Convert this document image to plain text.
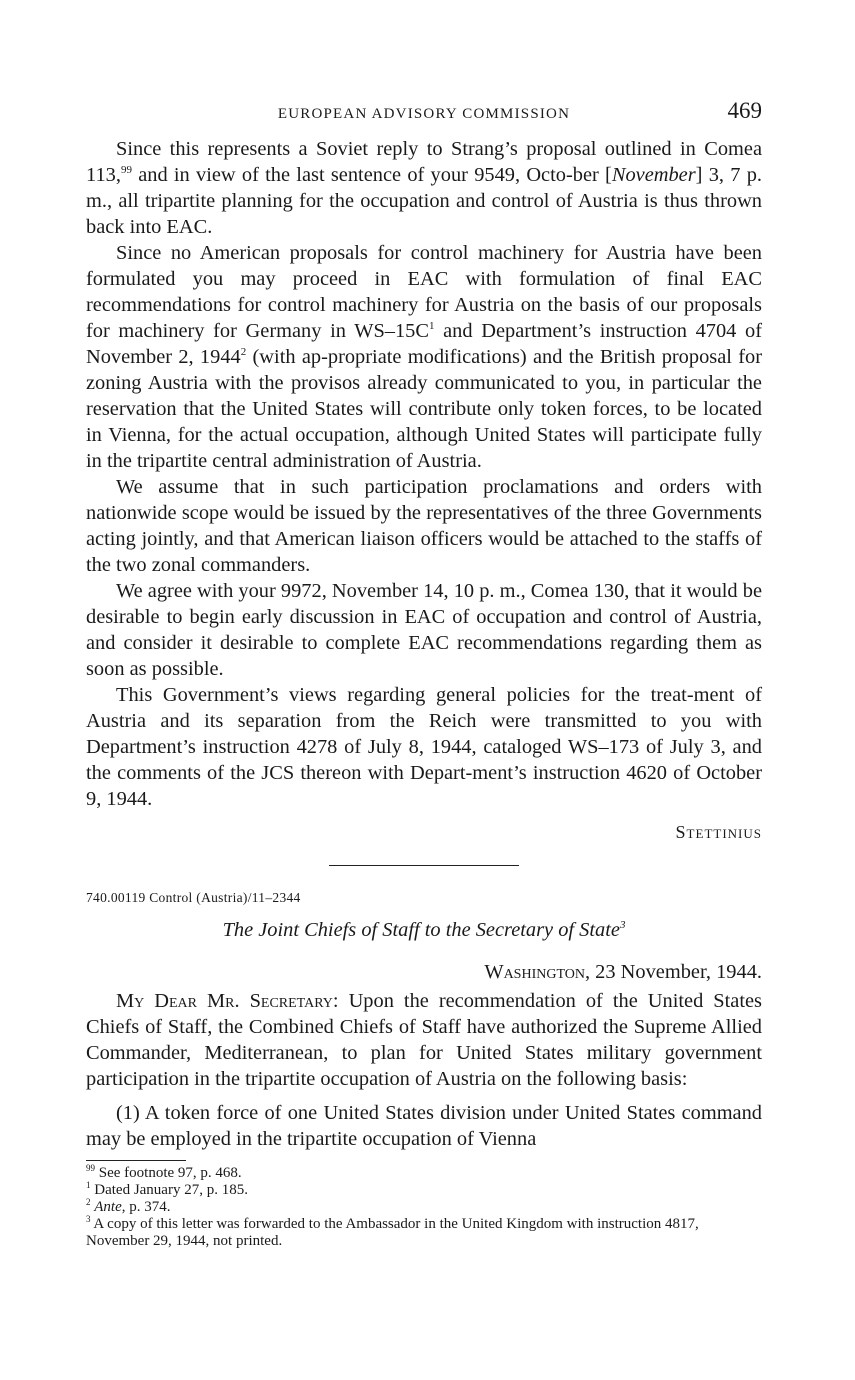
EUROPEAN ADVISORY COMMISSION	469

Since this represents a Soviet reply to Strang’s proposal outlined in Comea 113,99 and in view of the last sentence of your 9549, Octo-ber [November] 3, 7 p. m., all tripartite planning for the occupation and control of Austria is thus thrown back into EAC.

Since no American proposals for control machinery for Austria have been formulated you may proceed in EAC with formulation of final EAC recommendations for control machinery for Austria on the basis of our proposals for machinery for Germany in $WS-15C^1$ and Department’s instruction 4704 of November 2, 1944$^2$ (with ap-propriate modifications) and the British proposal for zoning Austria with the provisos already communicated to you, in particular the reservation that the United States will contribute only token forces, to be located in Vienna, for the actual occupation, although United States will participate fully in the tripartite central administration of Austria.

We assume that in such participation proclamations and orders with nationwide scope would be issued by the representatives of the three Governments acting jointly, and that American liaison officers would be attached to the staffs of the two zonal commanders.

We agree with your 9972, November 14, 10 p. m., Comea 130, that it would be desirable to begin early discussion in EAC of occupation and control of Austria, and consider it desirable to complete EAC recommendations regarding them as soon as possible.

This Government’s views regarding general policies for the treat-ment of Austria and its separation from the Reich were transmitted to you with Department’s instruction 4278 of July 8, 1944, cataloged WS–173 of July 3, and the comments of the JCS thereon with Depart-ment’s instruction 4620 of October 9, 1944.

Stettinius
740.00119 Control (Austria)/11–2344
The Joint Chiefs of Staff to the Secretary of State$^3$
Washington, 23 November, 1944.

My Dear Mr. Secretary: Upon the recommendation of the United States Chiefs of Staff, the Combined Chiefs of Staff have authorized the Supreme Allied Commander, Mediterranean, to plan for United States military government participation in the tripartite occupation of Austria on the following basis:

(1) A token force of one United States division under United States command may be employed in the tripartite occupation of Vienna

$^{99}$ See footnote 97, p. 468.
$^1$ Dated January 27, p. 185.
$^2$ Ante, p. 374.
$^3$ A copy of this letter was forwarded to the Ambassador in the United Kingdom with instruction 4817, November 29, 1944, not printed.
